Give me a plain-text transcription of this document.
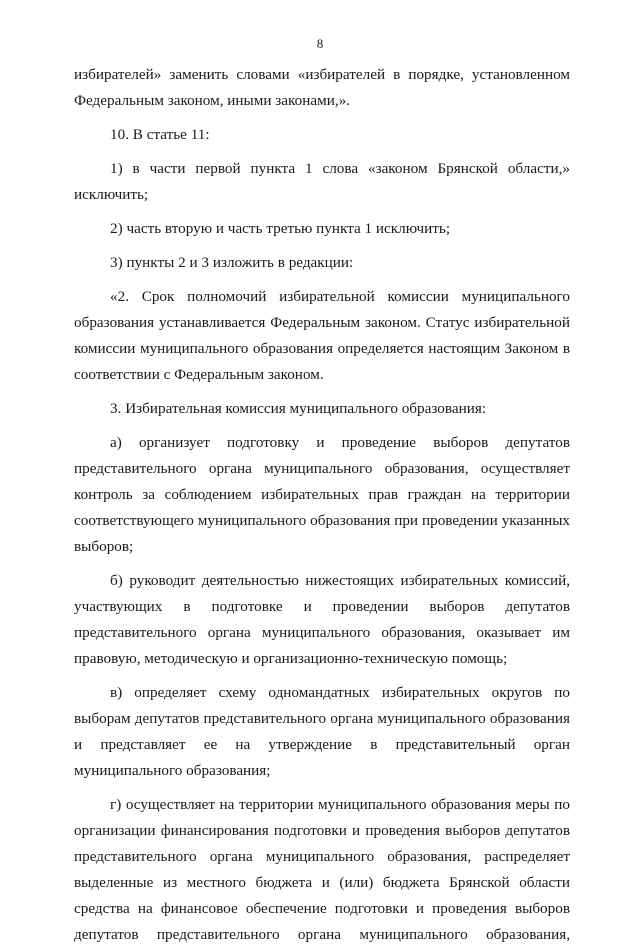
8
избирателей» заменить словами «избирателей в порядке, установленном
Федеральным законом, иными законами,».
10. В статье 11:
1) в части первой пункта 1 слова «законом Брянской области,»
исключить;
2) часть вторую и часть третью пункта 1 исключить;
3) пункты 2 и 3 изложить в редакции:
«2. Срок полномочий избирательной комиссии муниципального
образования устанавливается Федеральным законом. Статус избирательной
комиссии муниципального образования определяется настоящим Законом в
соответствии с Федеральным законом.
3. Избирательная комиссия муниципального образования:
а) организует подготовку и проведение выборов депутатов
представительного органа муниципального образования, осуществляет
контроль за соблюдением избирательных прав граждан на территории
соответствующего муниципального образования при проведении указанных
выборов;
б) руководит деятельностью нижестоящих избирательных комиссий,
участвующих в подготовке и проведении выборов депутатов
представительного органа муниципального образования, оказывает им
правовую, методическую и организационно-техническую помощь;
в) определяет схему одномандатных избирательных округов по
выборам депутатов представительного органа муниципального образования
и представляет ее на утверждение в представительный орган
муниципального образования;
г) осуществляет на территории муниципального образования меры по
организации финансирования подготовки и проведения выборов депутатов
представительного органа муниципального образования, распределяет
выделенные из местного бюджета и (или) бюджета Брянской области
средства на финансовое обеспечение подготовки и проведения выборов
депутатов представительного органа муниципального образования,
